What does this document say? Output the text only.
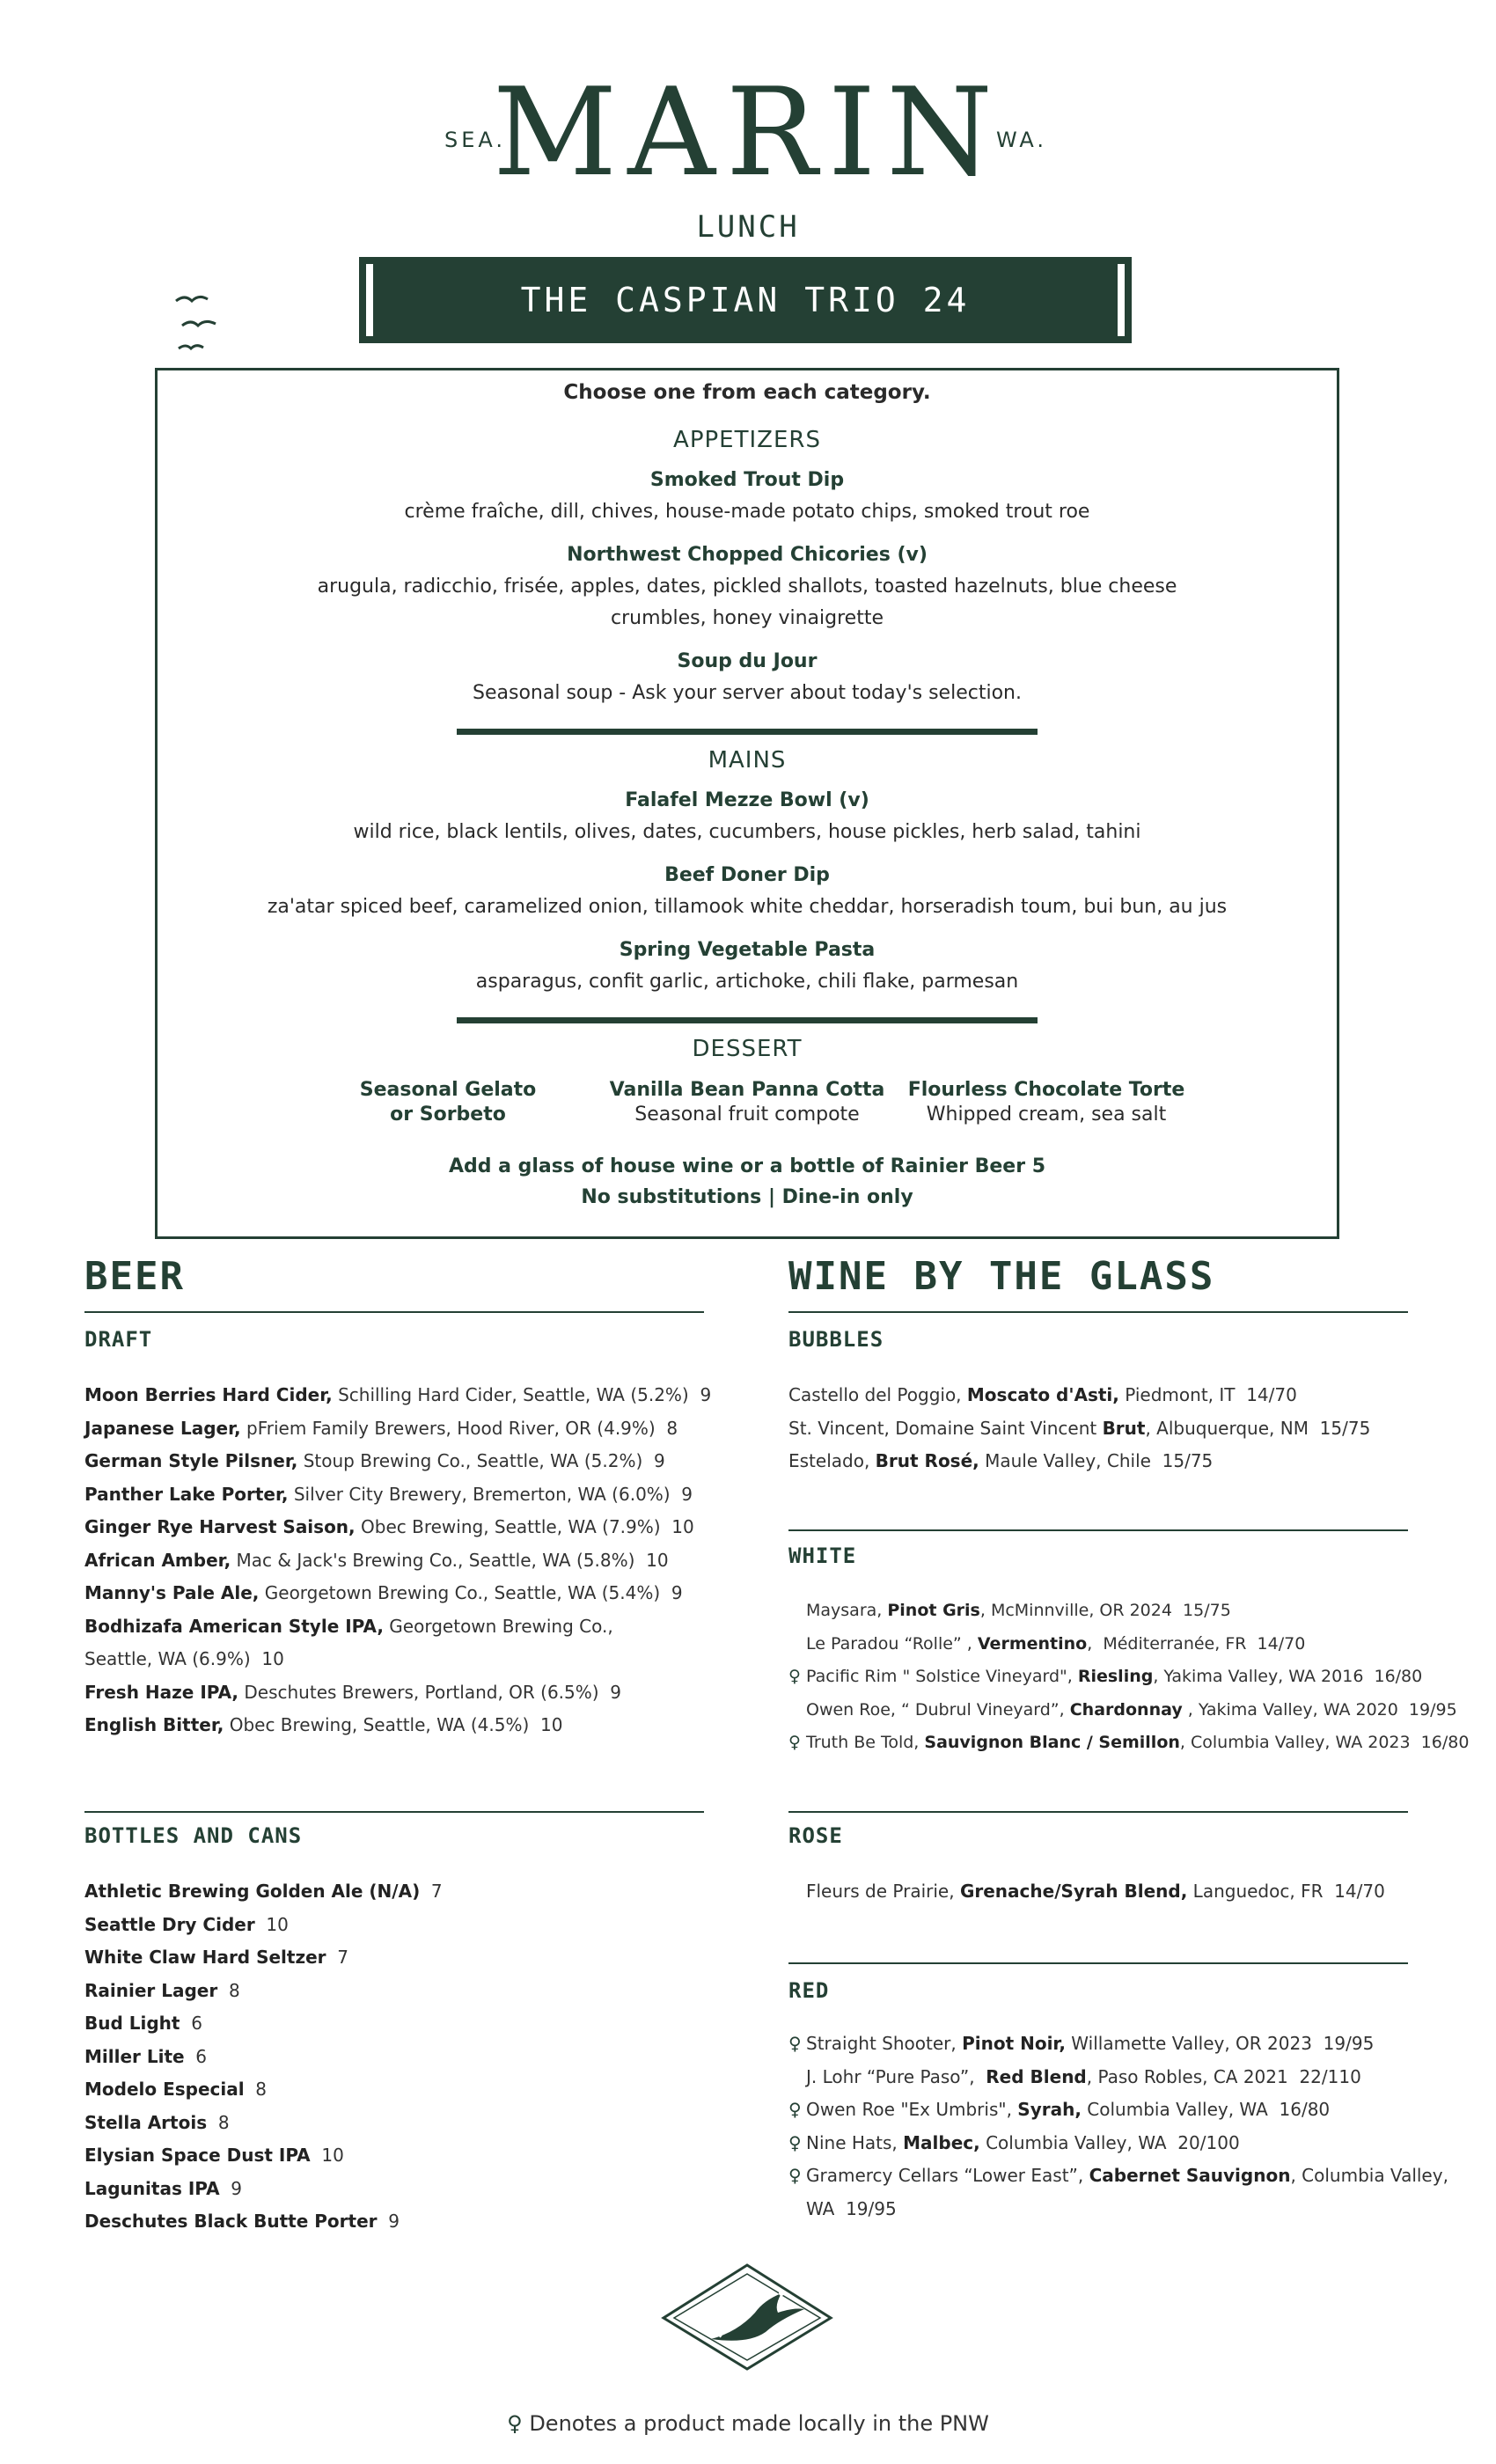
SEA.
MARIN
WA.
LUNCH
THE CASPIAN TRIO 24
Choose one from each category.
APPETIZERS
Smoked Trout Dip
crème fraîche, dill, chives, house-made potato chips, smoked trout roe
Northwest Chopped Chicories (v)
arugula, radicchio, frisée, apples, dates, pickled shallots, toasted hazelnuts, blue cheese crumbles, honey vinaigrette
Soup du Jour
Seasonal soup - Ask your server about today's selection.
MAINS
Falafel Mezze Bowl (v)
wild rice, black lentils, olives, dates, cucumbers, house pickles, herb salad, tahini
Beef Doner Dip
za'atar spiced beef, caramelized onion, tillamook white cheddar, horseradish toum, bui bun, au jus
Spring Vegetable Pasta
asparagus, confit garlic, artichoke, chili flake, parmesan
DESSERT
Seasonal Gelato or Sorbeto
Vanilla Bean Panna Cotta
Seasonal fruit compote
Flourless Chocolate Torte
Whipped cream, sea salt
Add a glass of house wine or a bottle of Rainier Beer 5
No substitutions | Dine-in only
BEER
DRAFT
Moon Berries Hard Cider, Schilling Hard Cider, Seattle, WA (5.2%)  9
Japanese Lager, pFriem Family Brewers, Hood River, OR (4.9%)  8
German Style Pilsner, Stoup Brewing Co., Seattle, WA (5.2%)  9
Panther Lake Porter, Silver City Brewery, Bremerton, WA (6.0%)  9
Ginger Rye Harvest Saison, Obec Brewing, Seattle, WA (7.9%)  10
African Amber, Mac & Jack's Brewing Co., Seattle, WA (5.8%)  10
Manny's Pale Ale, Georgetown Brewing Co., Seattle, WA (5.4%)  9
Bodhizafa American Style IPA, Georgetown Brewing Co.,
Seattle, WA (6.9%)  10
Fresh Haze IPA, Deschutes Brewers, Portland, OR (6.5%)  9
English Bitter, Obec Brewing, Seattle, WA (4.5%)  10
BOTTLES AND CANS
Athletic Brewing Golden Ale (N/A)  7
Seattle Dry Cider  10
White Claw Hard Seltzer  7
Rainier Lager  8
Bud Light  6
Miller Lite  6
Modelo Especial  8
Stella Artois  8
Elysian Space Dust IPA  10
Lagunitas IPA  9
Deschutes Black Butte Porter  9
WINE BY THE GLASS
BUBBLES
Castello del Poggio, Moscato d'Asti, Piedmont, IT  14/70
St. Vincent, Domaine Saint Vincent Brut, Albuquerque, NM  15/75
Estelado, Brut Rosé, Maule Valley, Chile  15/75
WHITE
Maysara, Pinot Gris, McMinnville, OR 2024  15/75
Le Paradou “Rolle” , Vermentino,  Méditerranée, FR  14/70
♀ Pacific Rim " Solstice Vineyard", Riesling, Yakima Valley, WA 2016  16/80
Owen Roe, “ Dubrul Vineyard”, Chardonnay , Yakima Valley, WA 2020  19/95
♀ Truth Be Told, Sauvignon Blanc / Semillon, Columbia Valley, WA 2023  16/80
ROSE
Fleurs de Prairie, Grenache/Syrah Blend, Languedoc, FR  14/70
RED
♀ Straight Shooter, Pinot Noir, Willamette Valley, OR 2023  19/95
J. Lohr “Pure Paso”,  Red Blend, Paso Robles, CA 2021  22/110
♀ Owen Roe "Ex Umbris", Syrah, Columbia Valley, WA  16/80
♀ Nine Hats, Malbec, Columbia Valley, WA  20/100
♀ Gramercy Cellars “Lower East”, Cabernet Sauvignon, Columbia Valley,
WA  19/95
♀ Denotes a product made locally in the PNW
